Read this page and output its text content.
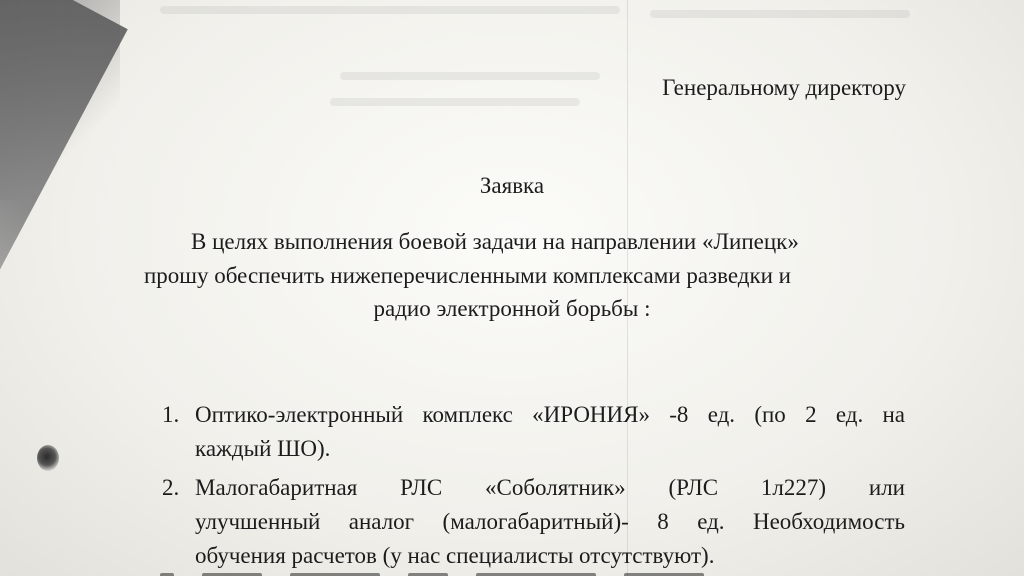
Генеральному директору
Заявка
В целях выполнения боевой задачи на направлении «Липецк»
прошу обеспечить нижеперечисленными комплексами разведки и
радио электронной борьбы :
1. Оптико-электронный комплекс «ИРОНИЯ» -8 ед. (по 2 ед. на
каждый ШО).
2. Малогабаритная РЛС «Соболятник» (РЛС 1л227) или
улучшенный аналог (малогабаритный)- 8 ед. Необходимость
обучения расчетов (у нас специалисты отсутствуют).
